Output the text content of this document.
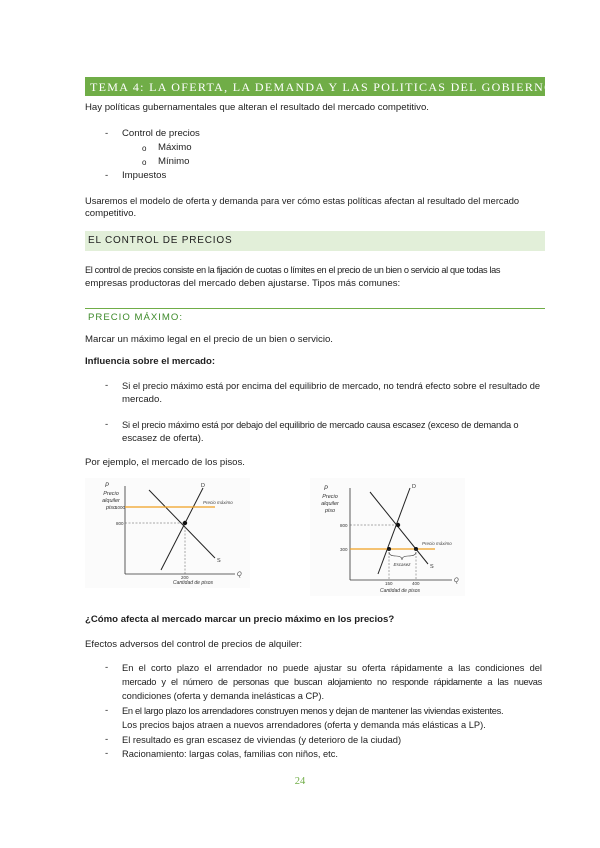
TEMA 4: LA OFERTA, LA DEMANDA Y LAS POLITICAS DEL GOBIERNO
Hay políticas gubernamentales que alteran el resultado del mercado competitivo.
-	Control de precios
o Máximo
o Mínimo
-	Impuestos
Usaremos el modelo de oferta y demanda para ver cómo estas políticas afectan al resultado del mercado
competitivo.
EL CONTROL DE PRECIOS
El control de precios consiste en la fijación de cuotas o límites en el precio de un bien o servicio al que todas las
empresas productoras del mercado deben ajustarse. Tipos más comunes:
PRECIO MÁXIMO:
Marcar un máximo legal en el precio de un bien o servicio.
Influencia sobre el mercado:
-	Si el precio máximo está por encima del equilibrio de mercado, no tendrá efecto sobre el resultado de
mercado.
-	Si el precio máximo está por debajo del equilibrio de mercado causa escasez (exceso de demanda o
escasez de oferta).
Por ejemplo, el mercado de los pisos.
P
Precio
alquiler
piso
Q
Cantidad de pisos
D
S
Precio máximo
1000
800
200
P
Precio
alquiler
piso
Q
Cantidad de pisos
D
S
800
Precio máximo
300
Escasez
150	400
¿Cómo afecta al mercado marcar un precio máximo en los precios?
Efectos adversos del control de precios de alquiler:
-	En el corto plazo el arrendador no puede ajustar su oferta rápidamente a las condiciones del
mercado y el número de personas que buscan alojamiento no responde rápidamente a las nuevas
condiciones (oferta y demanda inelásticas a CP).
-	En el largo plazo los arrendadores construyen menos y dejan de mantener las viviendas existentes.
Los precios bajos atraen a nuevos arrendadores (oferta y demanda más elásticas a LP).
-	El resultado es gran escasez de viviendas (y deterioro de la ciudad)
-	Racionamiento: largas colas, familias con niños, etc.
24
